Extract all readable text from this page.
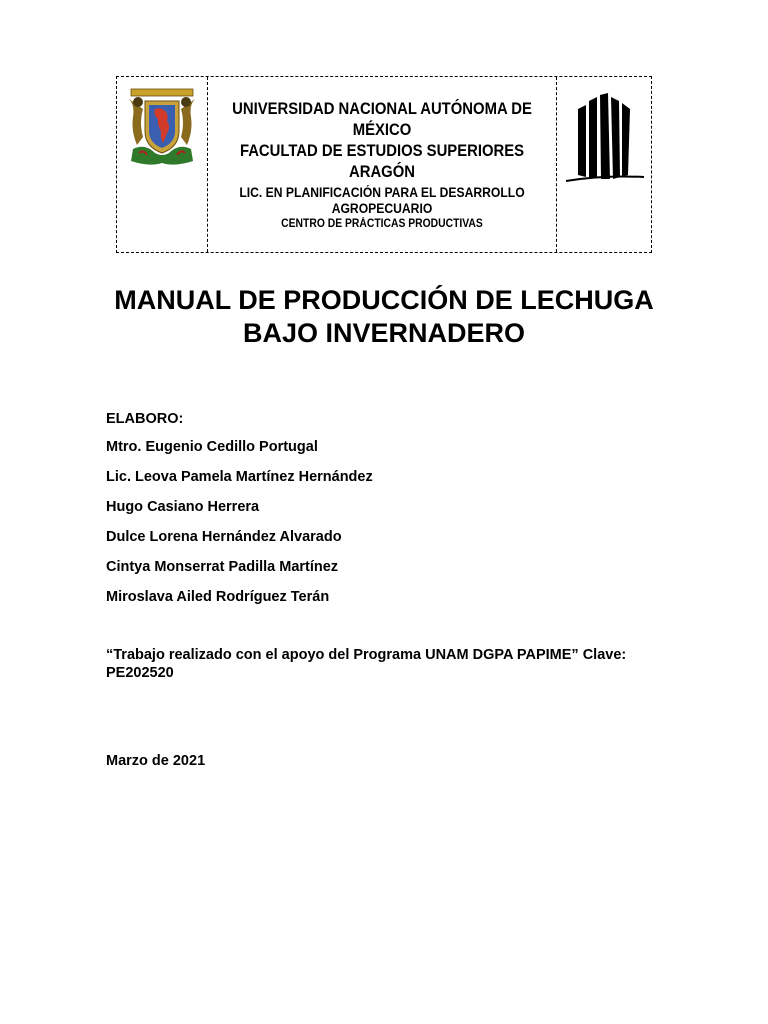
UNIVERSIDAD NACIONAL AUTÓNOMA DE MÉXICO
FACULTAD DE ESTUDIOS SUPERIORES ARAGÓN
LIC. EN PLANIFICACIÓN PARA EL DESARROLLO AGROPECUARIO
CENTRO DE PRÁCTICAS PRODUCTIVAS
MANUAL DE PRODUCCIÓN DE LECHUGA BAJO INVERNADERO
ELABORO:
Mtro. Eugenio Cedillo Portugal
Lic. Leova Pamela Martínez Hernández
Hugo Casiano Herrera
Dulce Lorena Hernández Alvarado
Cintya Monserrat Padilla Martínez
Miroslava Ailed Rodríguez Terán
“Trabajo realizado con el apoyo del Programa UNAM DGPA PAPIME” Clave: PE202520
Marzo de 2021
